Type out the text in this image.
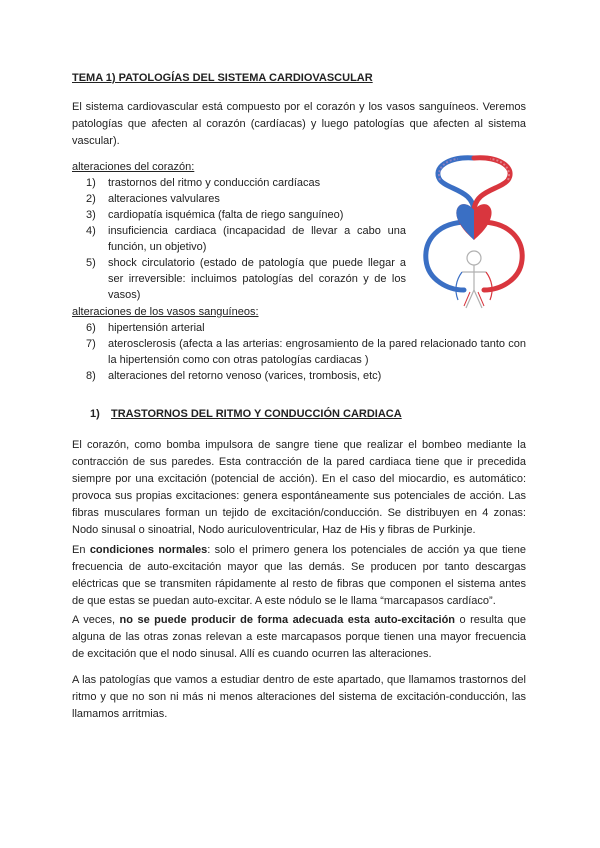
TEMA 1) PATOLOGÍAS DEL SISTEMA CARDIOVASCULAR

El sistema cardiovascular está compuesto por el corazón y los vasos sanguíneos. Veremos patologías que afecten al corazón (cardíacas) y luego patologías que afecten al sistema vascular).

alteraciones del corazón:
1)	trastornos del ritmo y conducción cardíacas
2)	alteraciones valvulares
3)	cardiopatía isquémica (falta de riego sanguíneo)
4)	insuficiencia cardiaca (incapacidad de llevar a cabo una función, un objetivo)
5)	shock circulatorio (estado de patología que puede llegar a ser irreversible: incluimos patologías del corazón y de los vasos)
alteraciones de los vasos sanguíneos:
6)	hipertensión arterial
7)	aterosclerosis (afecta a las arterias: engrosamiento de la pared relacionado tanto con la hipertensión como con otras patologías cardiacas )
8)	alteraciones del retorno venoso (varices, trombosis, etc)
1) TRASTORNOS DEL RITMO Y CONDUCCIÓN CARDIACA

El corazón, como bomba impulsora de sangre tiene que realizar el bombeo mediante la contracción de sus paredes. Esta contracción de la pared cardiaca tiene que ir precedida siempre por una excitación (potencial de acción). En el caso del miocardio, es automático: provoca sus propias excitaciones: genera espontáneamente sus potenciales de acción. Las fibras musculares forman un tejido de excitación/conducción. Se distribuyen en 4 zonas: Nodo sinusal o sinoatrial, Nodo auriculoventricular, Haz de His y fibras de Purkinje.

En condiciones normales: solo el primero genera los potenciales de acción ya que tiene frecuencia de auto-excitación mayor que las demás. Se producen por tanto descargas eléctricas que se transmiten rápidamente al resto de fibras que componen el sistema antes de que estas se puedan auto-excitar. A este nódulo se le llama “marcapasos cardíaco”.

A veces, no se puede producir de forma adecuada esta auto-excitación o resulta que alguna de las otras zonas relevan a este marcapasos porque tienen una mayor frecuencia de excitación que el nodo sinusal. Allí es cuando ocurren las alteraciones.

A las patologías que vamos a estudiar dentro de este apartado, que llamamos trastornos del ritmo y que no son ni más ni menos alteraciones del sistema de excitación-conducción, las llamamos arritmias.
